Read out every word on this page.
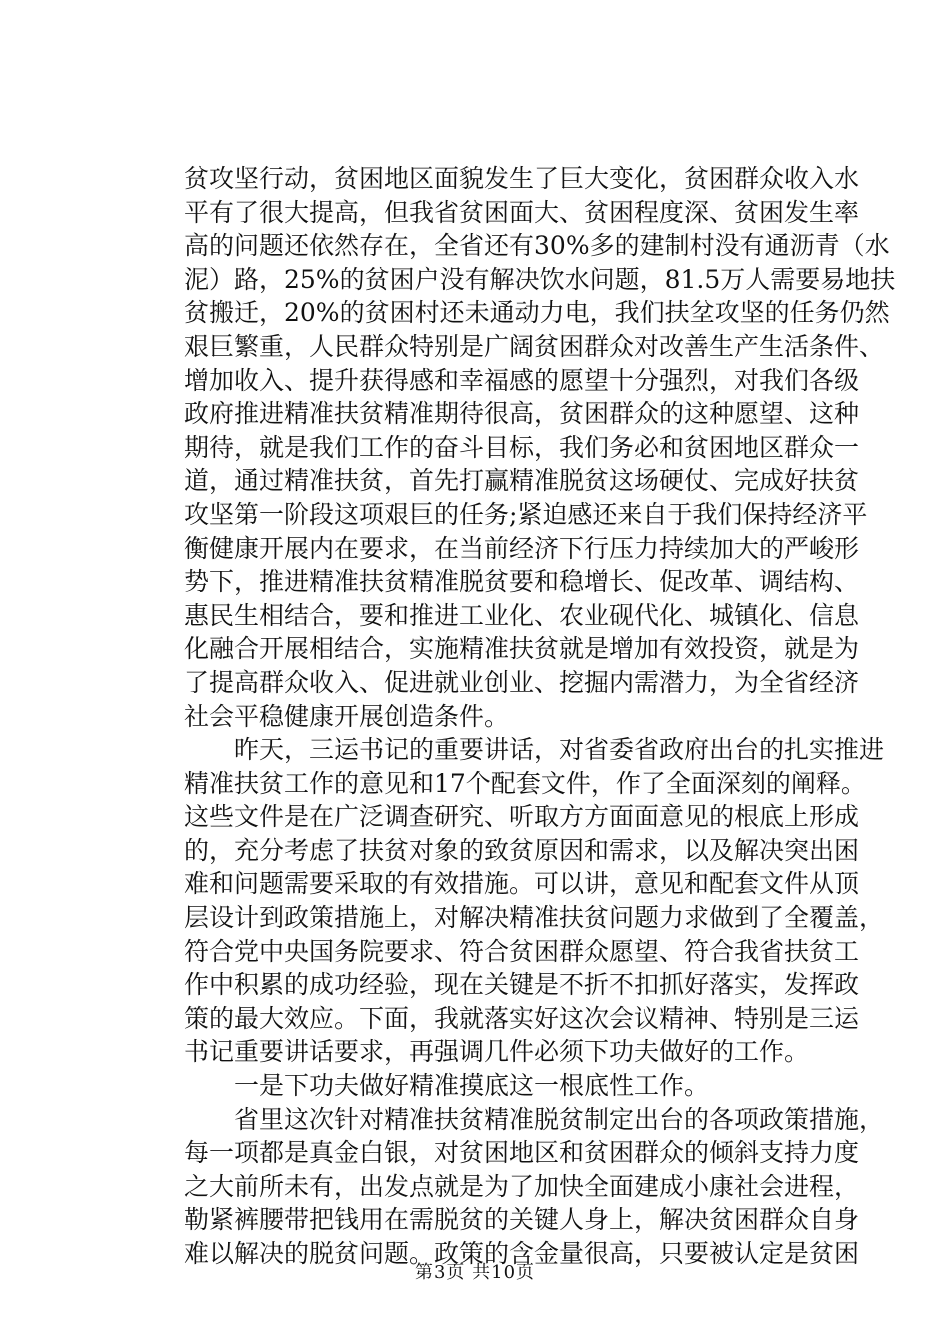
贫攻坚行动，贫困地区面貌发生了巨大变化，贫困群众收入水
平有了很大提高，但我省贫困面大、贫困程度深、贫困发生率
高的问题还依然存在，全省还有30%多的建制村没有通沥青（水
泥）路，25%的贫困户没有解决饮水问题，81.5万人需要易地扶
贫搬迁，20%的贫困村还未通动力电，我们扶坌攻坚的任务仍然
艰巨繁重，人民群众特别是广阔贫困群众对改善生产生活条件、
增加收入、提升获得感和幸福感的愿望十分强烈，对我们各级
政府推进精准扶贫精准期待很高，贫困群众的这种愿望、这种
期待，就是我们工作的奋斗目标，我们务必和贫困地区群众一
道，通过精准扶贫，首先打赢精准脱贫这场硬仗、完成好扶贫
攻坚第一阶段这项艰巨的任务;紧迫感还来自于我们保持经济平
衡健康开展内在要求，在当前经济下行压力持续加大的严峻形
势下，推进精准扶贫精准脱贫要和稳增长、促改革、调结构、
惠民生相结合，要和推进工业化、农业砚代化、城镇化、信息
化融合开展相结合，实施精准扶贫就是增加有效投资，就是为
了提高群众收入、促进就业创业、挖掘内需潜力，为全省经济
社会平稳健康开展创造条件。
　　昨天，三运书记的重要讲话，对省委省政府出台的扎实推进
精准扶贫工作的意见和17个配套文件，作了全面深刻的阐释。
这些文件是在广泛调查研究、听取方方面面意见的根底上形成
的，充分考虑了扶贫对象的致贫原因和需求，以及解决突出困
难和问题需要采取的有效措施。可以讲，意见和配套文件从顶
层设计到政策措施上，对解决精准扶贫问题力求做到了全覆盖，
符合党中央国务院要求、符合贫困群众愿望、符合我省扶贫工
作中积累的成功经验，现在关键是不折不扣抓好落实，发挥政
策的最大效应。下面，我就落实好这次会议精神、特别是三运
书记重要讲话要求，再强调几件必须下功夫做好的工作。
　　一是下功夫做好精准摸底这一根底性工作。
　　省里这次针对精准扶贫精准脱贫制定出台的各项政策措施，
每一项都是真金白银，对贫困地区和贫困群众的倾斜支持力度
之大前所未有，出发点就是为了加快全面建成小康社会进程，
勒紧裤腰带把钱用在需脱贫的关键人身上，解决贫困群众自身
难以解决的脱贫问题。政策的含金量很高，只要被认定是贫困
第3页 共10页
